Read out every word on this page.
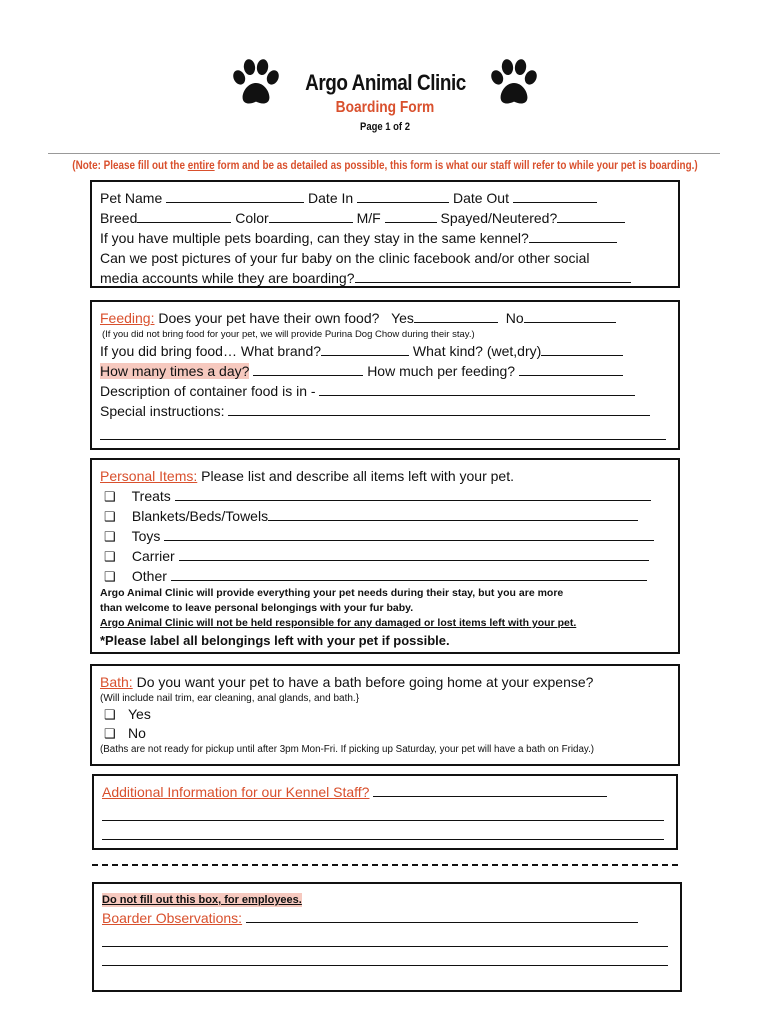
Argo Animal Clinic
Boarding Form
Page 1 of 2
(Note: Please fill out the entire form and be as detailed as possible, this form is what our staff will refer to while your pet is boarding.)
Pet Name	Date In	Date Out
Breed	Color	M/F	Spayed/Neutered?
If you have multiple pets boarding, can they stay in the same kennel?
Can we post pictures of your fur baby on the clinic facebook and/or other social
media accounts while they are boarding?
Feeding: Does your pet have their own food? Yes	No
(If you did not bring food for your pet, we will provide Purina Dog Chow during their stay.)
If you did bring food… What brand?	What kind? (wet,dry)
How many times a day?	How much per feeding?
Description of container food is in -
Special instructions:
Personal Items: Please list and describe all items left with your pet.
❑ Treats
❑ Blankets/Beds/Towels
❑ Toys
❑ Carrier
❑ Other
Argo Animal Clinic will provide everything your pet needs during their stay, but you are more
than welcome to leave personal belongings with your fur baby.
Argo Animal Clinic will not be held responsible for any damaged or lost items left with your pet.
*Please label all belongings left with your pet if possible.
Bath: Do you want your pet to have a bath before going home at your expense?
(Will include nail trim, ear cleaning, anal glands, and bath.}
❑ Yes
❑ No
(Baths are not ready for pickup until after 3pm Mon-Fri. If picking up Saturday, your pet will have a bath on Friday.)
Additional Information for our Kennel Staff?
Do not fill out this box, for employees.
Boarder Observations:
